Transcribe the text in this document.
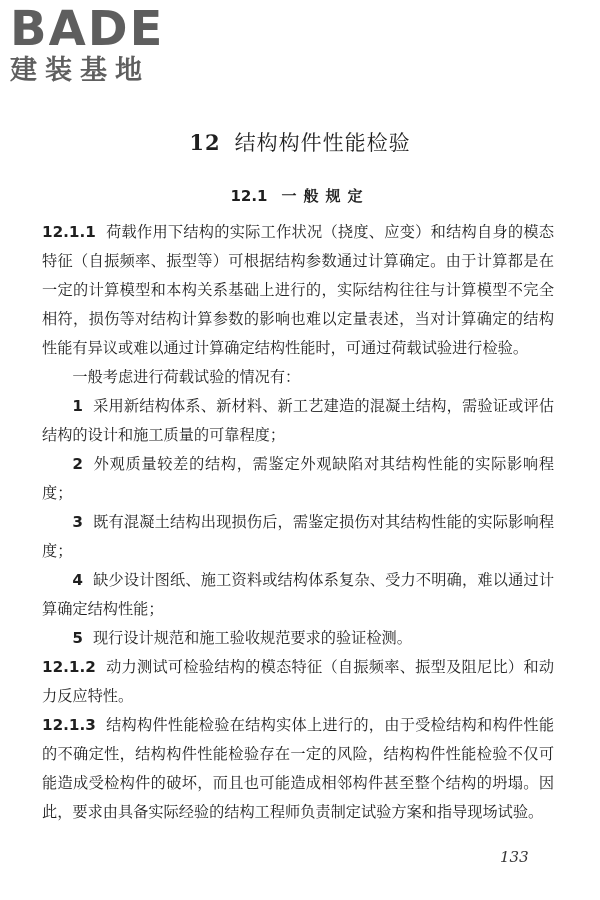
BADE
建装基地
12 结构构件性能检验
12.1 一般规定

12.1.1 荷载作用下结构的实际工作状况（挠度、应变）和结构自身的模态特征（自振频率、振型等）可根据结构参数通过计算确定。由于计算都是在一定的计算模型和本构关系基础上进行的，实际结构往往与计算模型不完全相符，损伤等对结构计算参数的影响也难以定量表述，当对计算确定的结构性能有异议或难以通过计算确定结构性能时，可通过荷载试验进行检验。

一般考虑进行荷载试验的情况有：

1 采用新结构体系、新材料、新工艺建造的混凝土结构，需验证或评估结构的设计和施工质量的可靠程度；

2 外观质量较差的结构，需鉴定外观缺陷对其结构性能的实际影响程度；

3 既有混凝土结构出现损伤后，需鉴定损伤对其结构性能的实际影响程度；

4 缺少设计图纸、施工资料或结构体系复杂、受力不明确，难以通过计算确定结构性能；

5 现行设计规范和施工验收规范要求的验证检测。

12.1.2 动力测试可检验结构的模态特征（自振频率、振型及阻尼比）和动力反应特性。

12.1.3 结构构件性能检验在结构实体上进行的，由于受检结构和构件性能的不确定性，结构构件性能检验存在一定的风险，结构构件性能检验不仅可能造成受检构件的破坏，而且也可能造成相邻构件甚至整个结构的坍塌。因此，要求由具备实际经验的结构工程师负责制定试验方案和指导现场试验。

133
